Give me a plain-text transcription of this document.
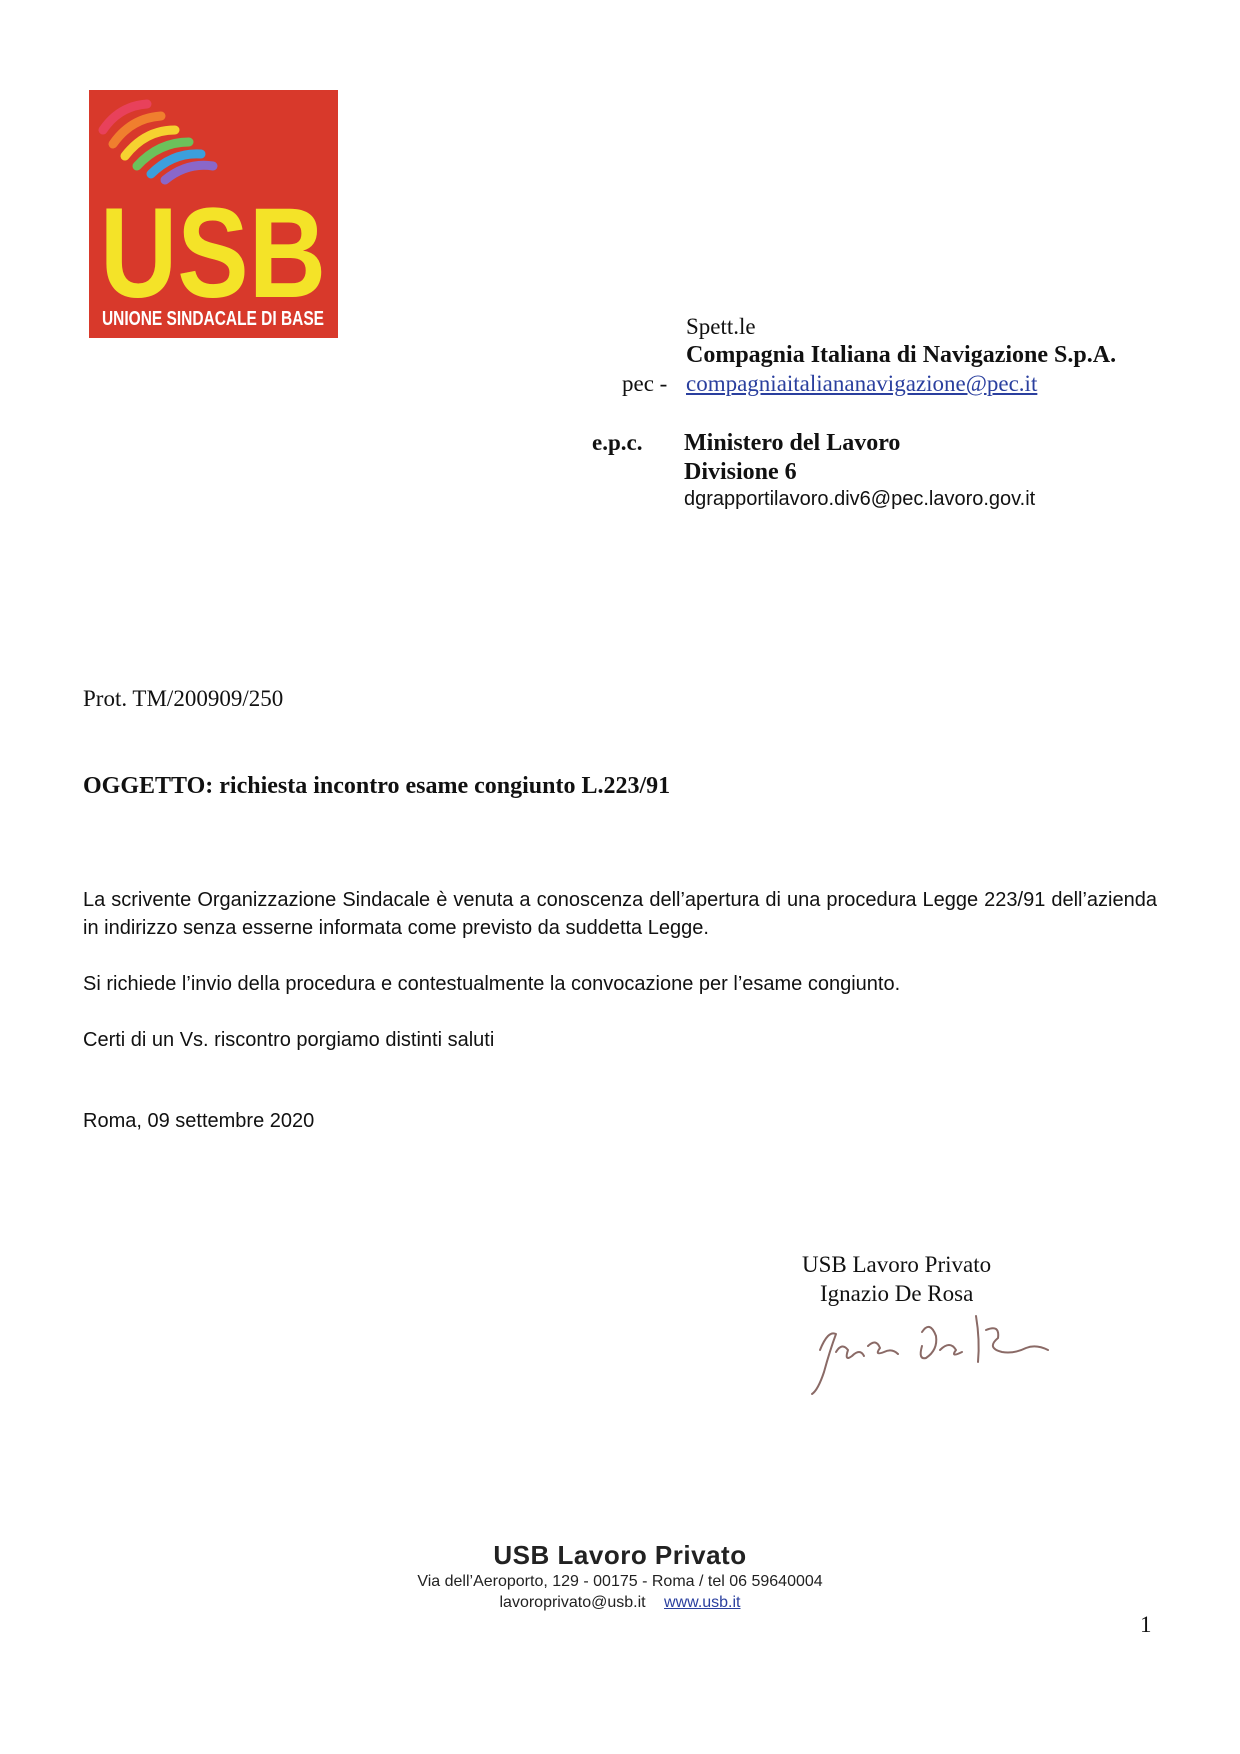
USB
UNIONE SINDACALE DI BASE	Spett.le
Compagnia Italiana di Navigazione S.p.A.
pec - compagniaitaliananavigazione@pec.it
e.p.c. Ministero del Lavoro
Divisione 6
dgrapportilavoro.div6@pec.lavoro.gov.it
Prot. TM/200909/250
OGGETTO: richiesta incontro esame congiunto L.223/91

La scrivente Organizzazione Sindacale è venuta a conoscenza dell’apertura di una procedura Legge 223/91 dell’azienda in indirizzo senza esserne informata come previsto da suddetta Legge.

Si richiede l’invio della procedura e contestualmente la convocazione per l’esame congiunto.

Certi di un Vs. riscontro porgiamo distinti saluti

Roma, 09 settembre 2020
USB Lavoro Privato
Ignazio De Rosa
USB Lavoro Privato
Via dell’Aeroporto, 129 - 00175 - Roma / tel 06 59640004
lavoroprivato@usb.it www.usb.it
1
